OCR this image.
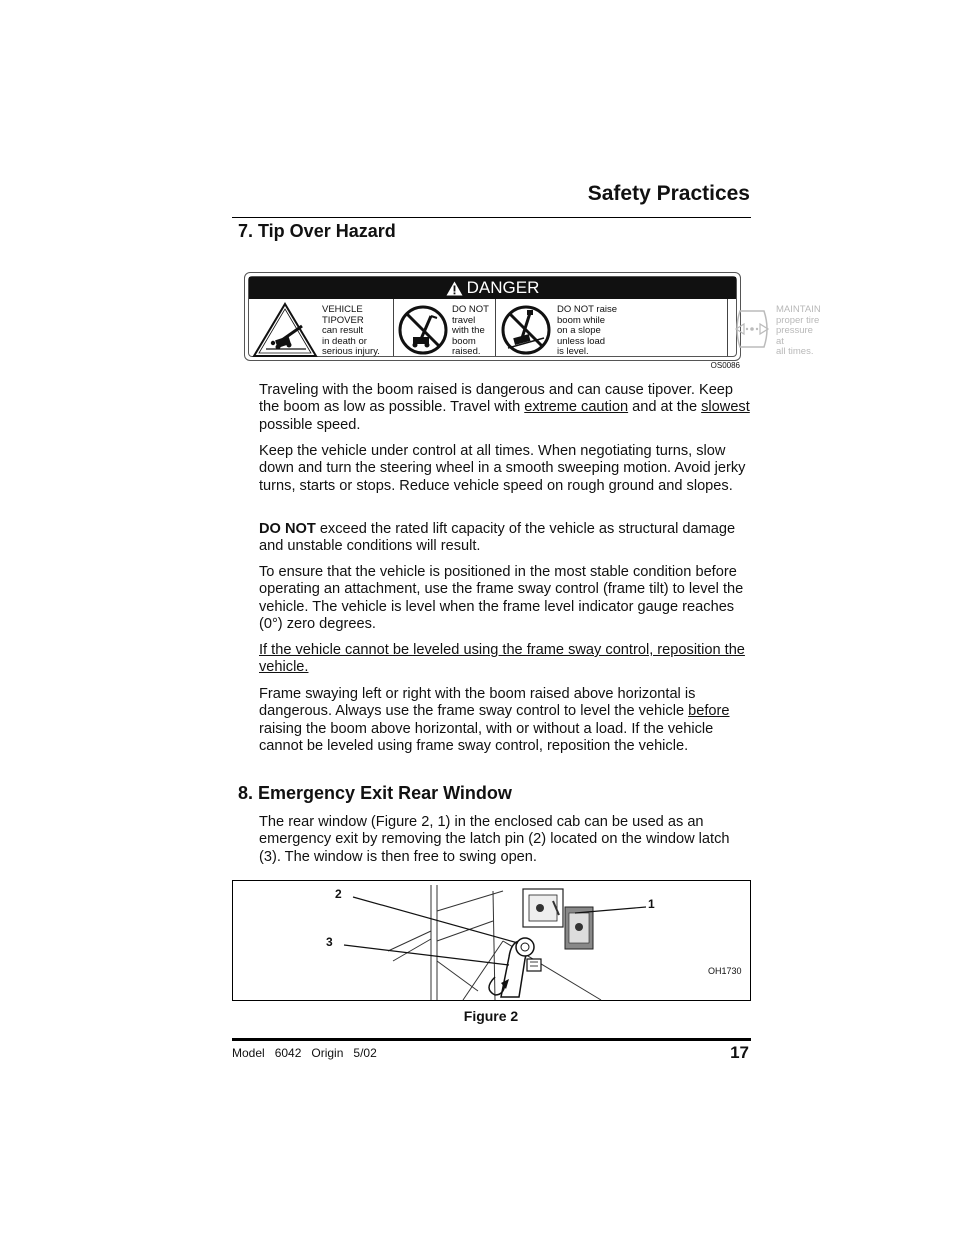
Safety Practices
7. Tip Over Hazard
DANGER
VEHICLE
TIPOVER
can result
in death or
serious injury.
DO NOT
travel
with the
boom
raised.
DO NOT raise
boom while
on a slope
unless load
is level.
MAINTAIN
proper tire
pressure at
all times.
OS0086

Traveling with the boom raised is dangerous and can cause tipover. Keep the boom as low as possible. Travel with extreme caution and at the slowest possible speed.

Keep the vehicle under control at all times. When negotiating turns, slow down and turn the steering wheel in a smooth sweeping motion. Avoid jerky turns, starts or stops. Reduce vehicle speed on rough ground and slopes.

DO NOT exceed the rated lift capacity of the vehicle as structural damage and unstable conditions will result.

To ensure that the vehicle is positioned in the most stable condition before operating an attachment, use the frame sway control (frame tilt) to level the vehicle. The vehicle is level when the frame level indicator gauge reaches (0°) zero degrees.

If the vehicle cannot be leveled using the frame sway control, reposition the vehicle.

Frame swaying left or right with the boom raised above horizontal is dangerous. Always use the frame sway control to level the vehicle before raising the boom above horizontal, with or without a load. If the vehicle cannot be leveled using frame sway control, reposition the vehicle.

8. Emergency Exit Rear Window

The rear window (Figure 2, 1) in the enclosed cab can be used as an emergency exit by removing the latch pin (2) located on the window latch (3). The window is then free to swing open.

2
3
1
OH1730

Figure 2

Model 6042 Origin 5/02	17
